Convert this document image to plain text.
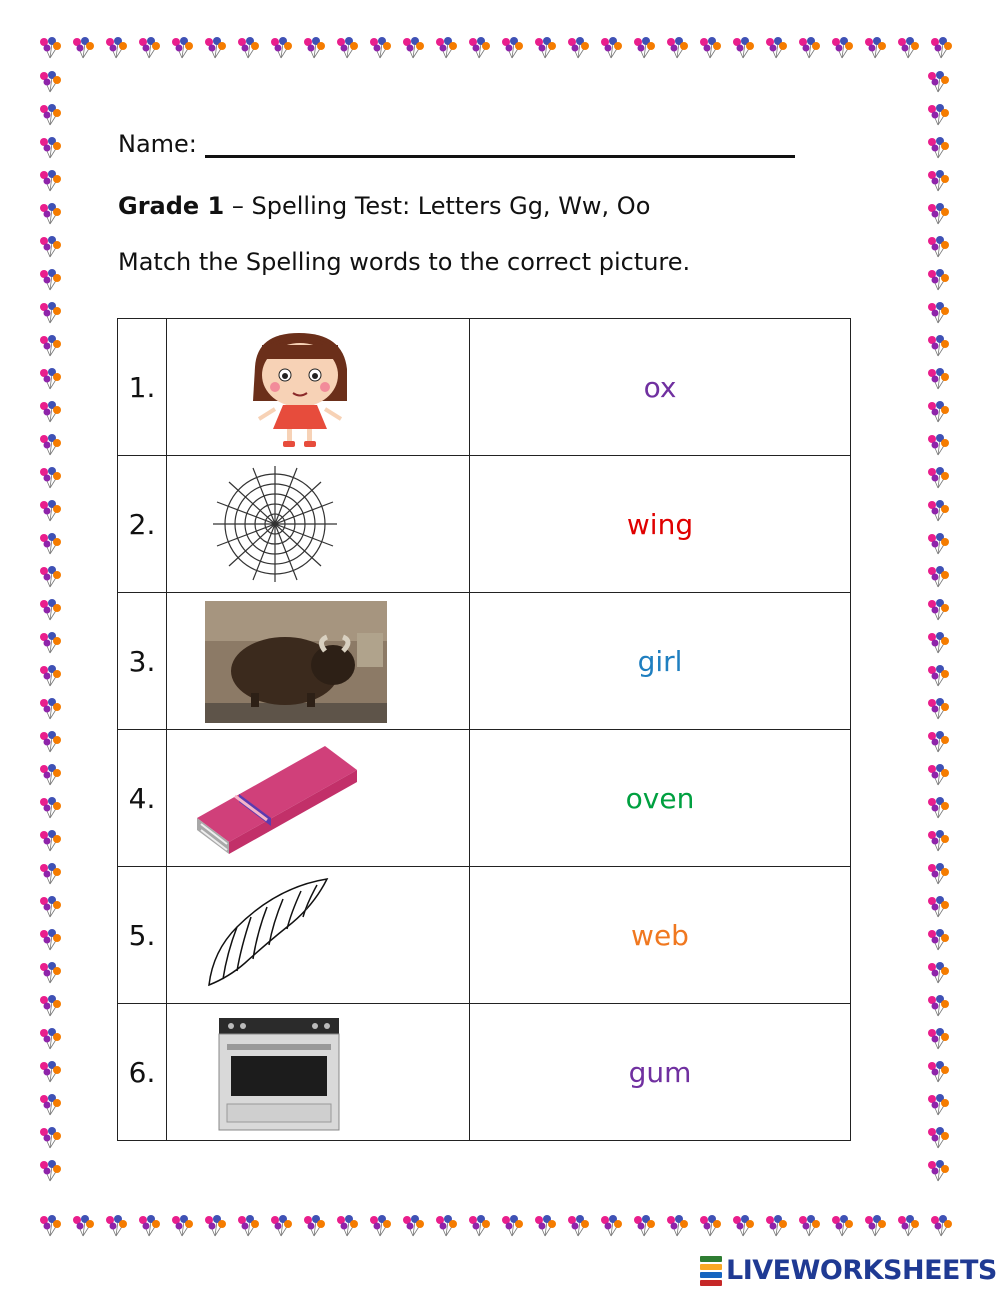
Name:
Grade 1 – Spelling Test: Letters Gg, Ww, Oo
Match the Spelling words to the correct picture.
1.		ox
2.		wing
3.		girl
4.		oven
5.		web
6.		gum
LIVEWORKSHEETS
